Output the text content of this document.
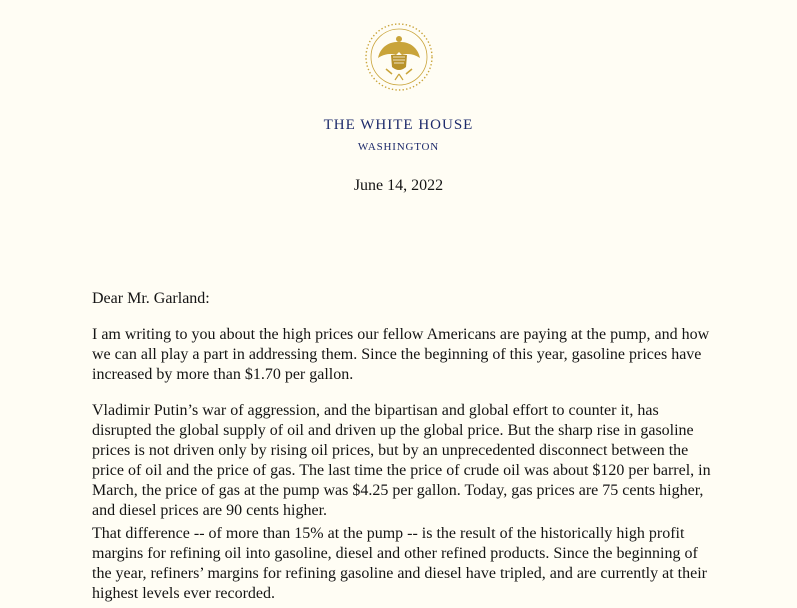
THE WHITE HOUSE
WASHINGTON
June 14, 2022
Dear Mr. Garland:
I am writing to you about the high prices our fellow Americans are paying at the pump, and how
we can all play a part in addressing them. Since the beginning of this year, gasoline prices have
increased by more than $1.70 per gallon.
Vladimir Putin’s war of aggression, and the bipartisan and global effort to counter it, has
disrupted the global supply of oil and driven up the global price. But the sharp rise in gasoline
prices is not driven only by rising oil prices, but by an unprecedented disconnect between the
price of oil and the price of gas. The last time the price of crude oil was about $120 per barrel, in
March, the price of gas at the pump was $4.25 per gallon. Today, gas prices are 75 cents higher,
and diesel prices are 90 cents higher.
That difference -- of more than 15% at the pump -- is the result of the historically high profit
margins for refining oil into gasoline, diesel and other refined products. Since the beginning of
the year, refiners’ margins for refining gasoline and diesel have tripled, and are currently at their
highest levels ever recorded.
